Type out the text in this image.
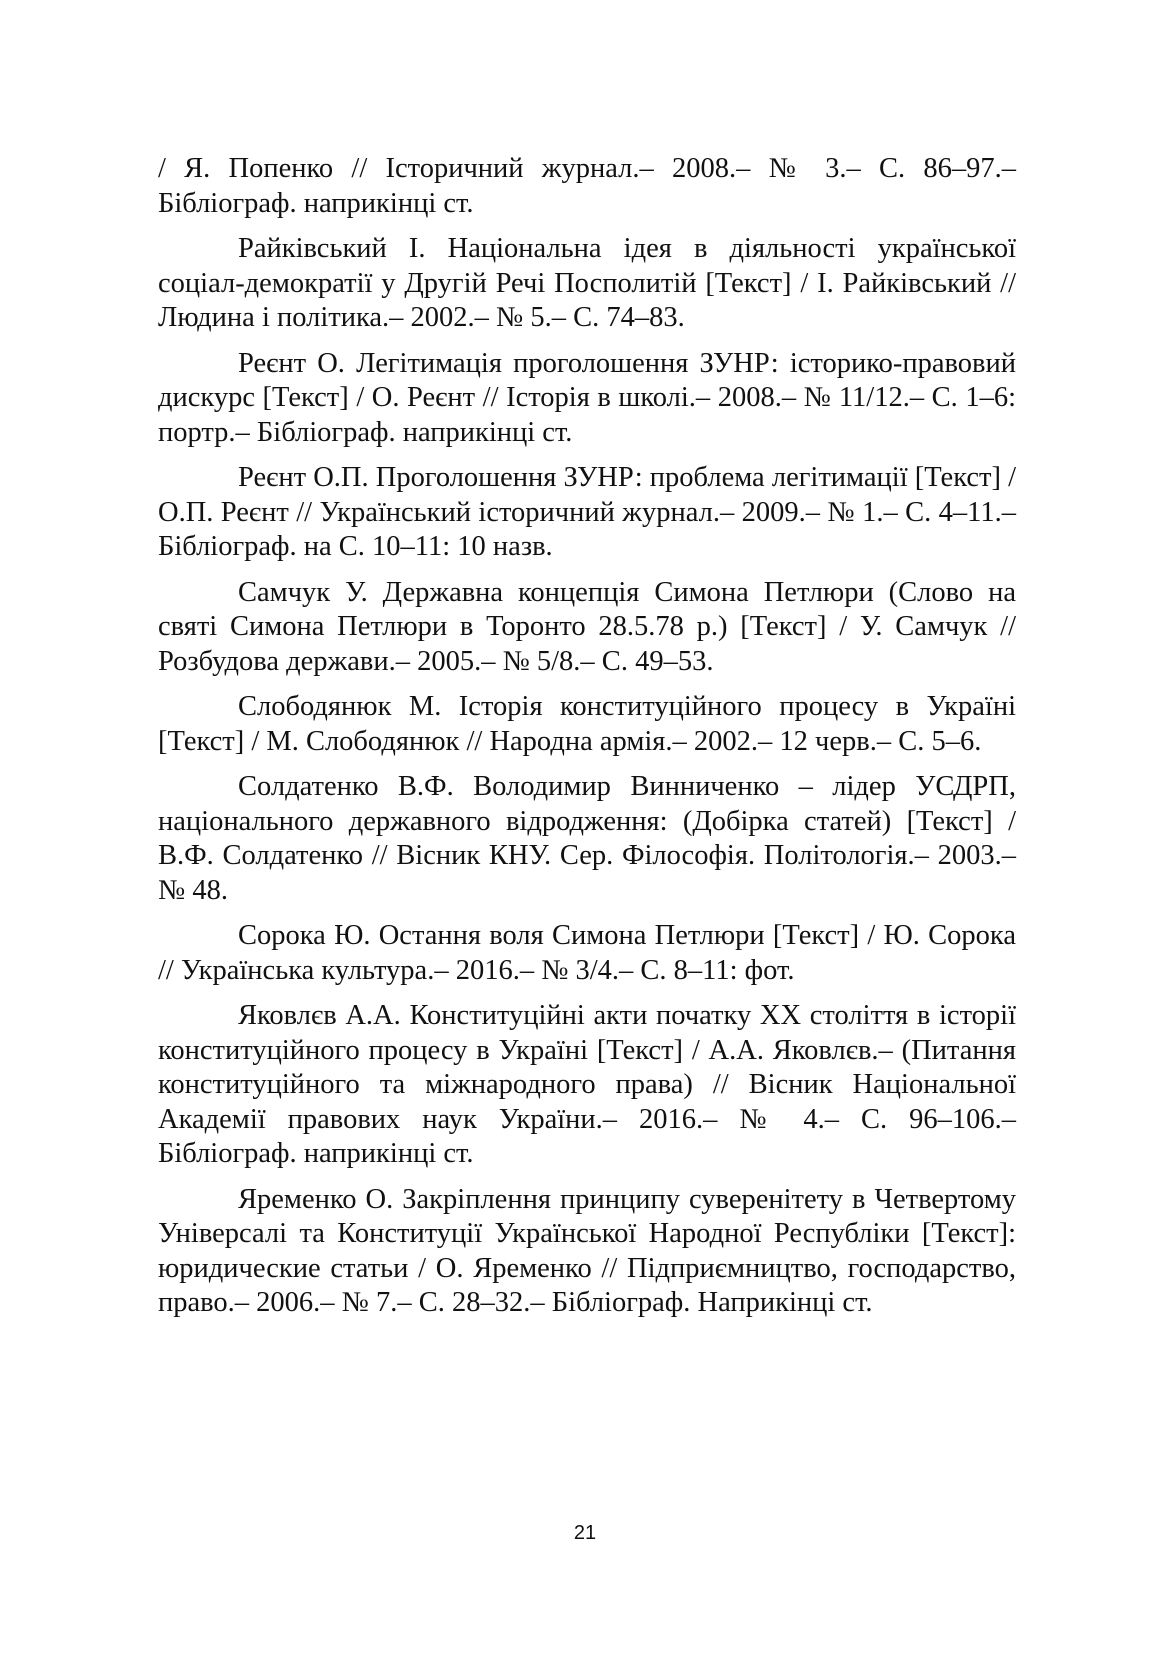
/ Я. Попенко // Історичний журнал.– 2008.– № 3.– С. 86–97.– Бібліограф. наприкінці ст.

Райківський І. Національна ідея в діяльності української соціал-демократії у Другій Речі Посполитій [Текст] / І. Райківський // Людина і політика.– 2002.– № 5.– С. 74–83.

Реєнт О. Легітимація проголошення ЗУНР: історико-правовий дискурс [Текст] / О. Реєнт // Історія в школі.– 2008.– № 11/12.– С. 1–6: портр.– Бібліограф. наприкінці ст.

Реєнт О.П. Проголошення ЗУНР: проблема легітимації [Текст] / О.П. Реєнт // Український історичний журнал.– 2009.– № 1.– С. 4–11.– Бібліограф. на С. 10–11: 10 назв.

Самчук У. Державна концепція Симона Петлюри (Слово на святі Симона Петлюри в Торонто 28.5.78 р.) [Текст] / У. Самчук // Розбудова держави.– 2005.– № 5/8.– С. 49–53.

Слободянюк М. Історія конституційного процесу в Україні [Текст] / М. Слободянюк // Народна армія.– 2002.– 12 черв.– С. 5–6.

Солдатенко В.Ф. Володимир Винниченко – лідер УСДРП, національного державного відродження: (Добірка статей) [Текст] / В.Ф. Солдатенко // Вісник КНУ. Сер. Філософія. Політологія.– 2003.– № 48.

Сорока Ю. Остання воля Симона Петлюри [Текст] / Ю. Сорока // Українська культура.– 2016.– № 3/4.– С. 8–11: фот.

Яковлєв А.А. Конституційні акти початку XX століття в історії конституційного процесу в Україні [Текст] / А.А. Яковлєв.– (Питання конституційного та міжнародного права) // Вісник Національної Академії правових наук України.– 2016.– № 4.– С. 96–106.– Бібліограф. наприкінці ст.

Яременко О. Закріплення принципу суверенітету в Четвертому Універсалі та Конституції Української Народної Республіки [Текст]: юридические статьи / О. Яременко // Підприємництво, господарство, право.– 2006.– № 7.– С. 28–32.– Бібліограф. Наприкінці ст.

21
